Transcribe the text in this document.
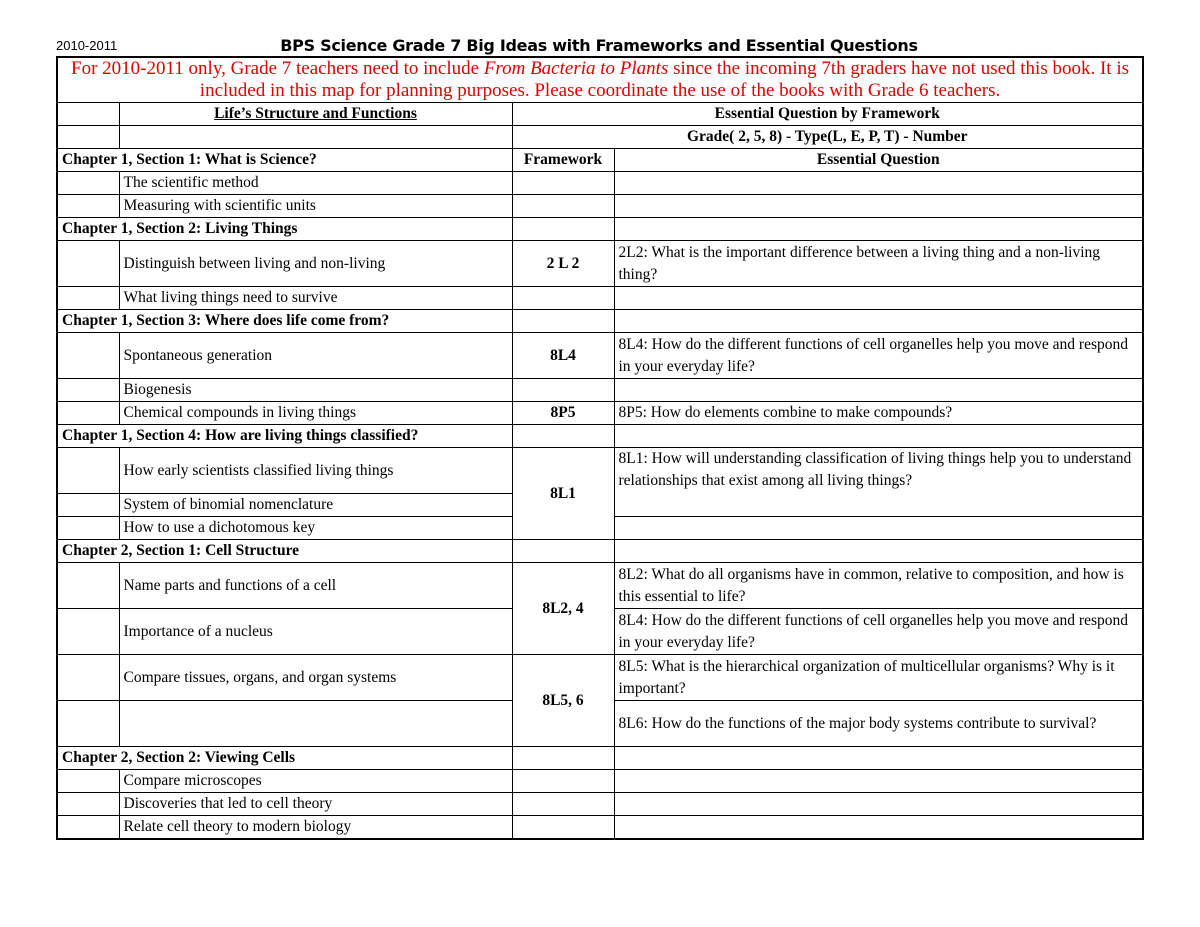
2010-2011	BPS Science Grade 7 Big Ideas with Frameworks and Essential Questions
For 2010-2011 only, Grade 7 teachers need to include From Bacteria to Plants since the incoming 7th graders have not used this book. It is included in this map for planning purposes. Please coordinate the use of the books with Grade 6 teachers.			
	Life’s Structure and Functions	Essential Question by Framework	
		Grade( 2, 5, 8) - Type(L, E, P, T) - Number	
Chapter 1, Section 1: What is Science?		Framework	Essential Question
	The scientific method		
	Measuring with scientific units		
Chapter 1, Section 2: Living Things			
	Distinguish between living and non-living	2 L 2	2L2: What is the important difference between a living thing and a non-living thing?
	What living things need to survive		
Chapter 1, Section 3: Where does life come from?			
	Spontaneous generation	8L4	8L4: How do the different functions of cell organelles help you move and respond in your everyday life?
	Biogenesis		
	Chemical compounds in living things	8P5	8P5: How do elements combine to make compounds?
Chapter 1, Section 4: How are living things classified?			
	How early scientists classified living things	8L1	8L1: How will understanding classification of living things help you to understand relationships that exist among all living things?
	System of binomial nomenclature		
	How to use a dichotomous key		
Chapter 2, Section 1: Cell Structure			
	Name parts and functions of a cell	8L2, 4	8L2: What do all organisms have in common, relative to composition, and how is this essential to life?
	Importance of a nucleus		8L4: How do the different functions of cell organelles help you move and respond in your everyday life?
	Compare tissues, organs, and organ systems	8L5, 6	8L5: What is the hierarchical organization of multicellular organisms? Why is it important?
			8L6: How do the functions of the major body systems contribute to survival?
Chapter 2, Section 2: Viewing Cells			
	Compare microscopes		
	Discoveries that led to cell theory		
	Relate cell theory to modern biology		
